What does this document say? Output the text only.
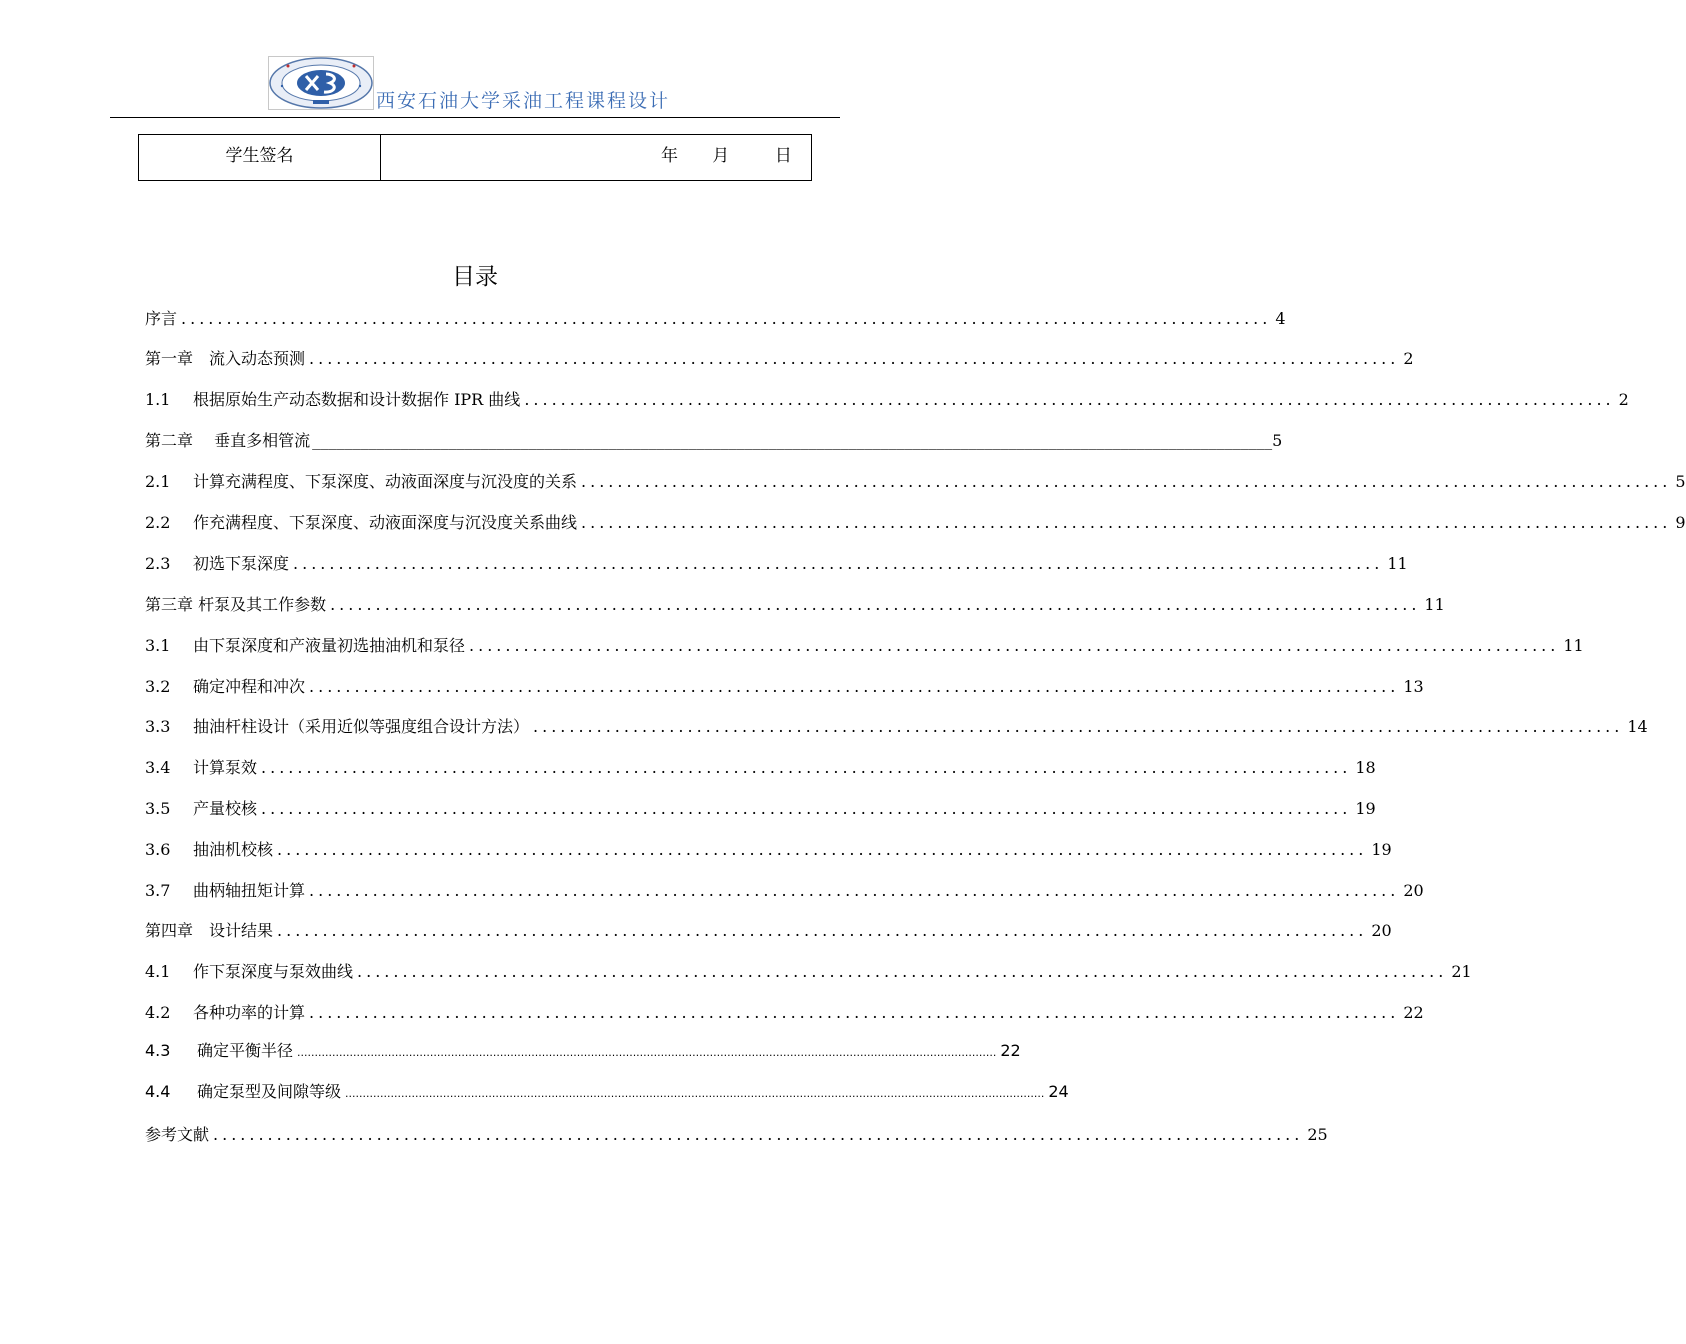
西安石油大学采油工程课程设计
学生签名	年   月    日
目录
序言 ........................................................................................................................ 4
第一章　流入动态预测 ........................................................................................................................ 2
1.1	根据原始生产动态数据和设计数据作 IPR 曲线 ........................................................................................................................ 2
第二章　 垂直多相管流 ________________________________________________________________________________________________________________________ 5
2.1	计算充满程度、下泵深度、动液面深度与沉没度的关系 ........................................................................................................................ 5
2.2	作充满程度、下泵深度、动液面深度与沉没度关系曲线 ........................................................................................................................ 9
2.3	初选下泵深度 ........................................................................................................................ 11
第三章 杆泵及其工作参数 ........................................................................................................................ 11
3.1	由下泵深度和产液量初选抽油机和泵径 ........................................................................................................................ 11
3.2	确定冲程和冲次 ........................................................................................................................ 13
3.3	抽油杆柱设计（采用近似等强度组合设计方法） ........................................................................................................................ 14
3.4	计算泵效 ........................................................................................................................ 18
3.5	产量校核 ........................................................................................................................ 19
3.6	抽油机校核 ........................................................................................................................ 19
3.7	曲柄轴扭矩计算 ........................................................................................................................ 20
第四章　设计结果 ........................................................................................................................ 20
4.1	作下泵深度与泵效曲线 ........................................................................................................................ 21
4.2	各种功率的计算 ........................................................................................................................ 22
4.3	确定平衡半径 ........................................................................................................................................................................................................ 22
4.4	确定泵型及间隙等级 ........................................................................................................................................................................................................ 24
参考文献 ........................................................................................................................ 25
